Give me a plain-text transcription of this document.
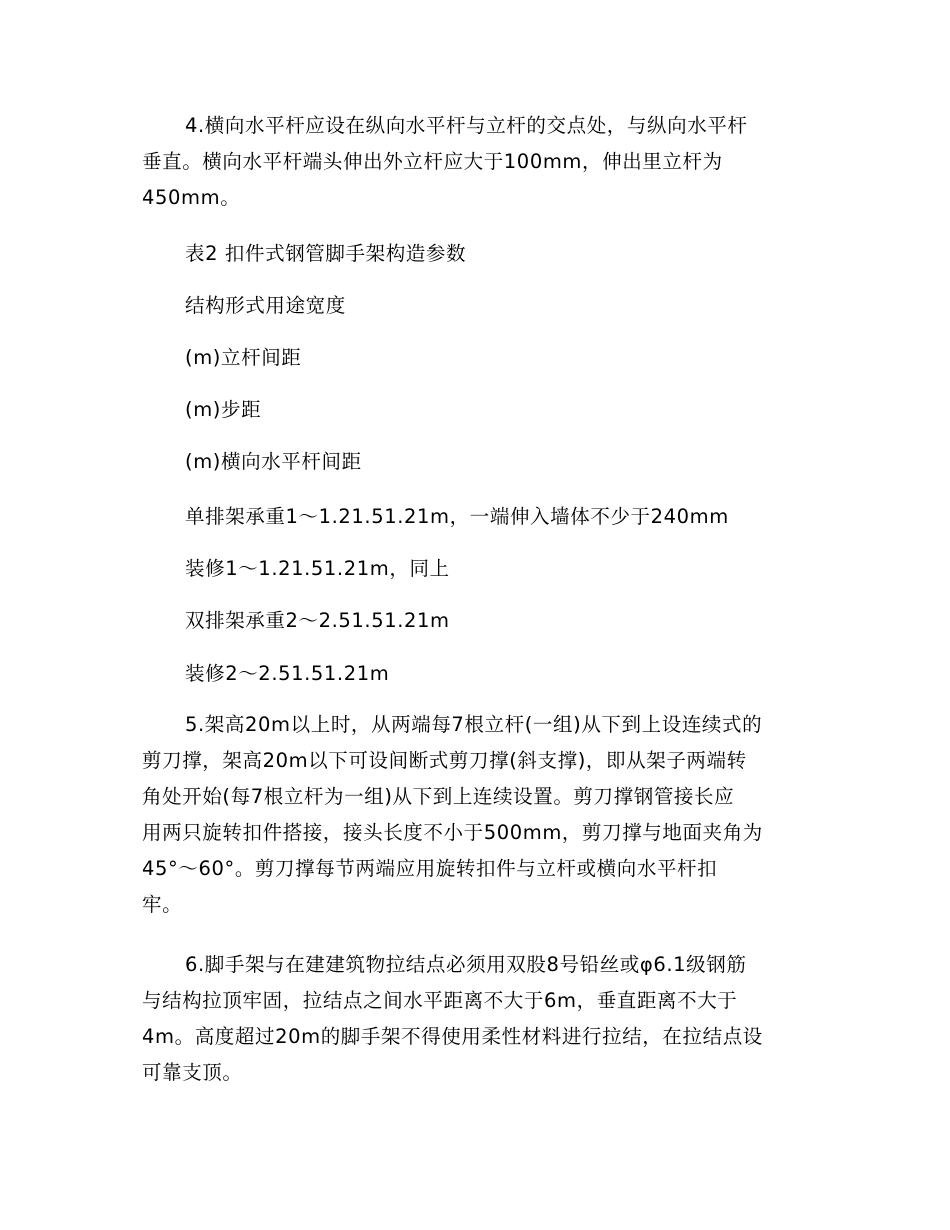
4.横向水平杆应设在纵向水平杆与立杆的交点处，与纵向水平杆
垂直。横向水平杆端头伸出外立杆应大于100mm，伸出里立杆为
450mm。

表2 扣件式钢管脚手架构造参数

结构形式用途宽度

(m)立杆间距

(m)步距

(m)横向水平杆间距

单排架承重1～1.21.51.21m，一端伸入墙体不少于240mm

装修1～1.21.51.21m，同上

双排架承重2～2.51.51.21m

装修2～2.51.51.21m

5.架高20m以上时，从两端每7根立杆(一组)从下到上设连续式的
剪刀撑，架高20m以下可设间断式剪刀撑(斜支撑)，即从架子两端转
角处开始(每7根立杆为一组)从下到上连续设置。剪刀撑钢管接长应
用两只旋转扣件搭接，接头长度不小于500mm，剪刀撑与地面夹角为
45°～60°。剪刀撑每节两端应用旋转扣件与立杆或横向水平杆扣
牢。

6.脚手架与在建建筑物拉结点必须用双股8号铅丝或φ6.1级钢筋
与结构拉顶牢固，拉结点之间水平距离不大于6m，垂直距离不大于
4m。高度超过20m的脚手架不得使用柔性材料进行拉结，在拉结点设
可靠支顶。
